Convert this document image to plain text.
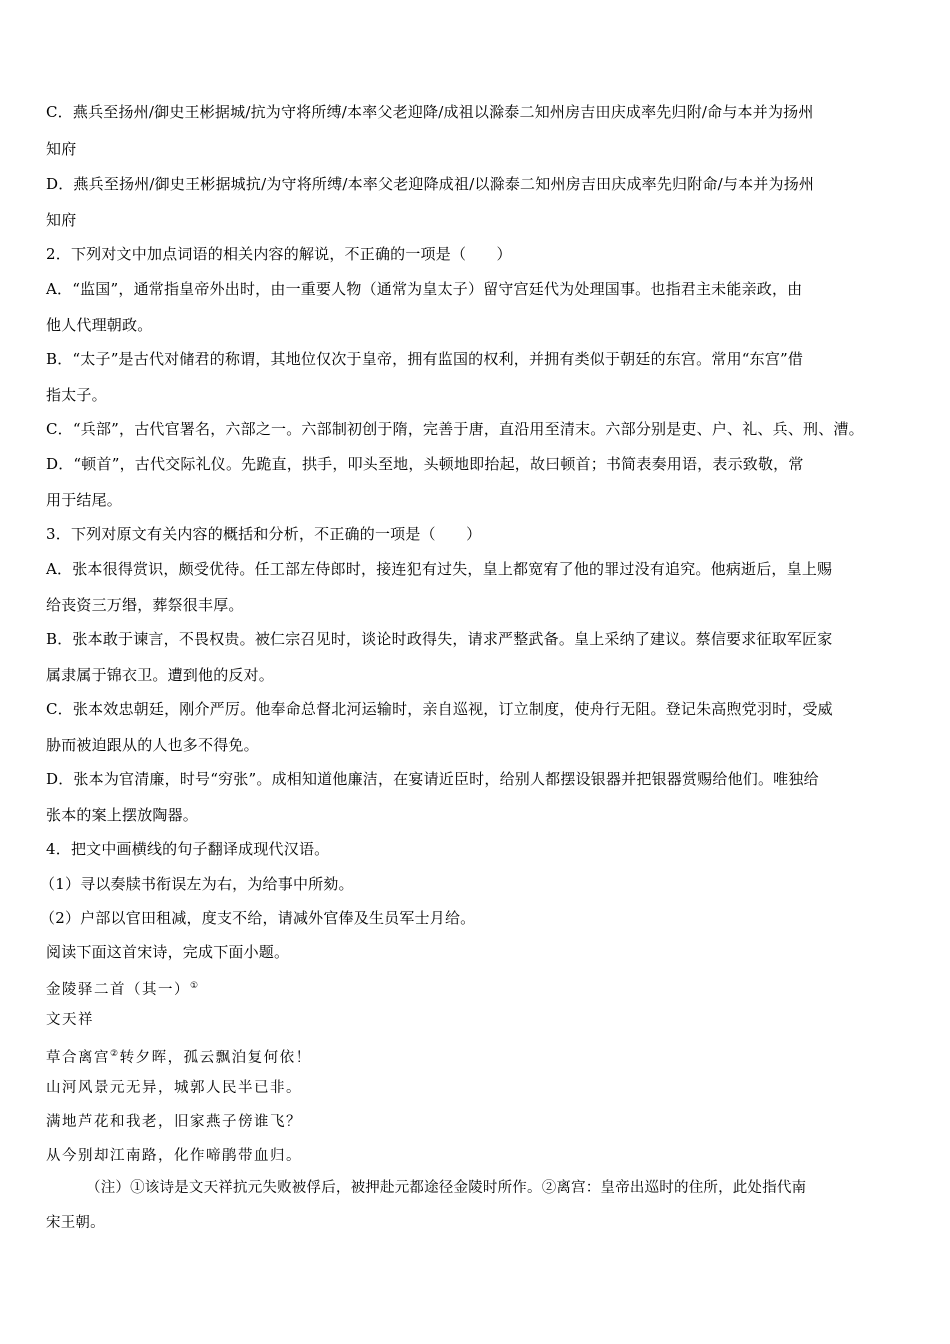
C．燕兵至扬州/御史王彬据城/抗为守将所缚/本率父老迎降/成祖以滁泰二知州房吉田庆成率先归附/命与本并为扬州
知府
D．燕兵至扬州/御史王彬据城抗/为守将所缚/本率父老迎降成祖/以滁泰二知州房吉田庆成率先归附命/与本并为扬州
知府
2．下列对文中加点词语的相关内容的解说，不正确的一项是（　　）
A．“监国”，通常指皇帝外出时，由一重要人物（通常为皇太子）留守宫廷代为处理国事。也指君主未能亲政，由
他人代理朝政。
B．“太子”是古代对储君的称谓，其地位仅次于皇帝，拥有监国的权利，并拥有类似于朝廷的东宫。常用“东宫”借
指太子。
C．“兵部”，古代官署名，六部之一。六部制初创于隋，完善于唐，直沿用至清末。六部分别是吏、户、礼、兵、刑、漕。
D．“顿首”，古代交际礼仪。先跪直，拱手，叩头至地，头顿地即抬起，故曰顿首；书简表奏用语，表示致敬，常
用于结尾。
3．下列对原文有关内容的概括和分析，不正确的一项是（　　）
A．张本很得赏识，颇受优待。任工部左侍郎时，接连犯有过失，皇上都宽宥了他的罪过没有追究。他病逝后，皇上赐
给丧资三万缗，葬祭很丰厚。
B．张本敢于谏言，不畏权贵。被仁宗召见时，谈论时政得失，请求严整武备。皇上采纳了建议。蔡信要求征取军匠家
属隶属于锦衣卫。遭到他的反对。
C．张本效忠朝廷，刚介严厉。他奉命总督北河运输时，亲自巡视，订立制度，使舟行无阻。登记朱高煦党羽时，受威
胁而被迫跟从的人也多不得免。
D．张本为官清廉，时号“穷张”。成相知道他廉洁，在宴请近臣时，给别人都摆设银器并把银器赏赐给他们。唯独给
张本的案上摆放陶器。
4．把文中画横线的句子翻译成现代汉语。
（1）寻以奏牍书衔误左为右，为给事中所劾。
（2）户部以官田租减，度支不给，请减外官俸及生员军士月给。
阅读下面这首宋诗，完成下面小题。
金陵驿二首（其一）①
文天祥
草合离宫②转夕晖，孤云飘泊复何依！
山河风景元无异，城郭人民半已非。
满地芦花和我老，旧家燕子傍谁飞？
从今别却江南路，化作啼鹃带血归。
（注）①该诗是文天祥抗元失败被俘后，被押赴元都途径金陵时所作。②离宫：皇帝出巡时的住所，此处指代南
宋王朝。
